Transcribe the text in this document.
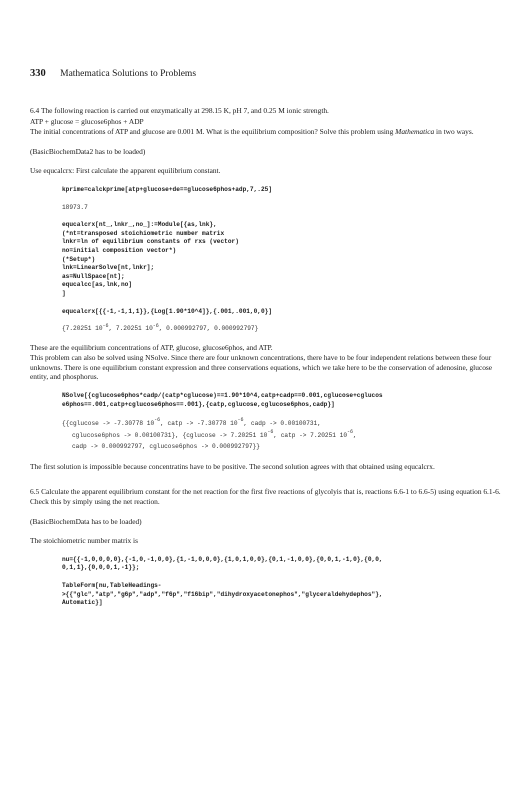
330 Mathematica Solutions to Problems
6.4 The following reaction is carried out enzymatically at 298.15 K, pH 7, and 0.25 M ionic strength.
ATP + glucose = glucose6phos + ADP
The initial concentrations of ATP and glucose are 0.001 M. What is the equilibrium composition? Solve this problem using Mathematica in two ways.
(BasicBiochemData2 has to be loaded)
Use equcalcrx: First calculate the apparent equilibrium constant.
kprime=calckprime[atp+glucose+de==glucose6phos+adp,7,.25]
18973.7
equcalcrx[nt_,lnkr_,no_]:=Module[{as,lnk},
(*nt=transposed stoichiometric number matrix
lnkr=ln of equilibrium constants of rxs (vector)
no=initial composition vector*)
(*Setup*)
lnk=LinearSolve[nt,lnkr];
as=NullSpace[nt];
equcalcc[as,lnk,no]
]
equcalcrx[{{-1,-1,1,1}},{Log[1.90*10^4]},{.001,.001,0,0}]
{7.20251 $10^{-6}$, 7.20251 $10^{-6}$, 0.000992797, 0.000992797}
These are the equilibrium concentrations of ATP, glucose, glucose6phos, and ATP.
This problem can also be solved using NSolve. Since there are four unknown concentrations, there have to be four independent relations between these four unknowns. There is one equilibrium constant expression and three conservations equations, which we take here to be the conservation of adenosine, glucose entity, and phosphorus.
NSolve[{cglucose6phos*cadp/(catp*cglucose)==1.90*10^4,catp+cadp==0.001,cglucose+cglucos
e6phos==.001,catp+cglucose6phos==.001},{catp,cglucose,cglucose6phos,cadp}]
{{cglucose -> -7.30778 $10^{-6}$, catp -> -7.30778 $10^{-6}$, cadp -> 0.00100731,
cglucose6phos -> 0.00100731}, {cglucose -> 7.20251 $10^{-6}$, catp -> 7.20251 $10^{-6}$,
cadp -> 0.000992797, cglucose6phos -> 0.000992797}}
The first solution is impossible because concentratins have to be positive. The second solution agrees with that obtained using equcalcrx.
6.5 Calculate the apparent equilibrium constant for the net reaction for the first five reactions of glycolyis that is, reactions 6.6-1 to 6.6-5) using equation 6.1-6. Check this by simply using the net reaction.
(BasicBiochemData has to be loaded)
The stoichiometric number matrix is
nu={{-1,0,0,0,0},{-1,0,-1,0,0},{1,-1,0,0,0},{1,0,1,0,0},{0,1,-1,0,0},{0,0,1,-1,0},{0,0,
0,1,1},{0,0,0,1,-1}};
TableForm[nu,TableHeadings-
>{{"glc","atp","g6p","adp","f6p","f16bip","dihydroxyacetonephos","glyceraldehydephos"},
Automatic}]
